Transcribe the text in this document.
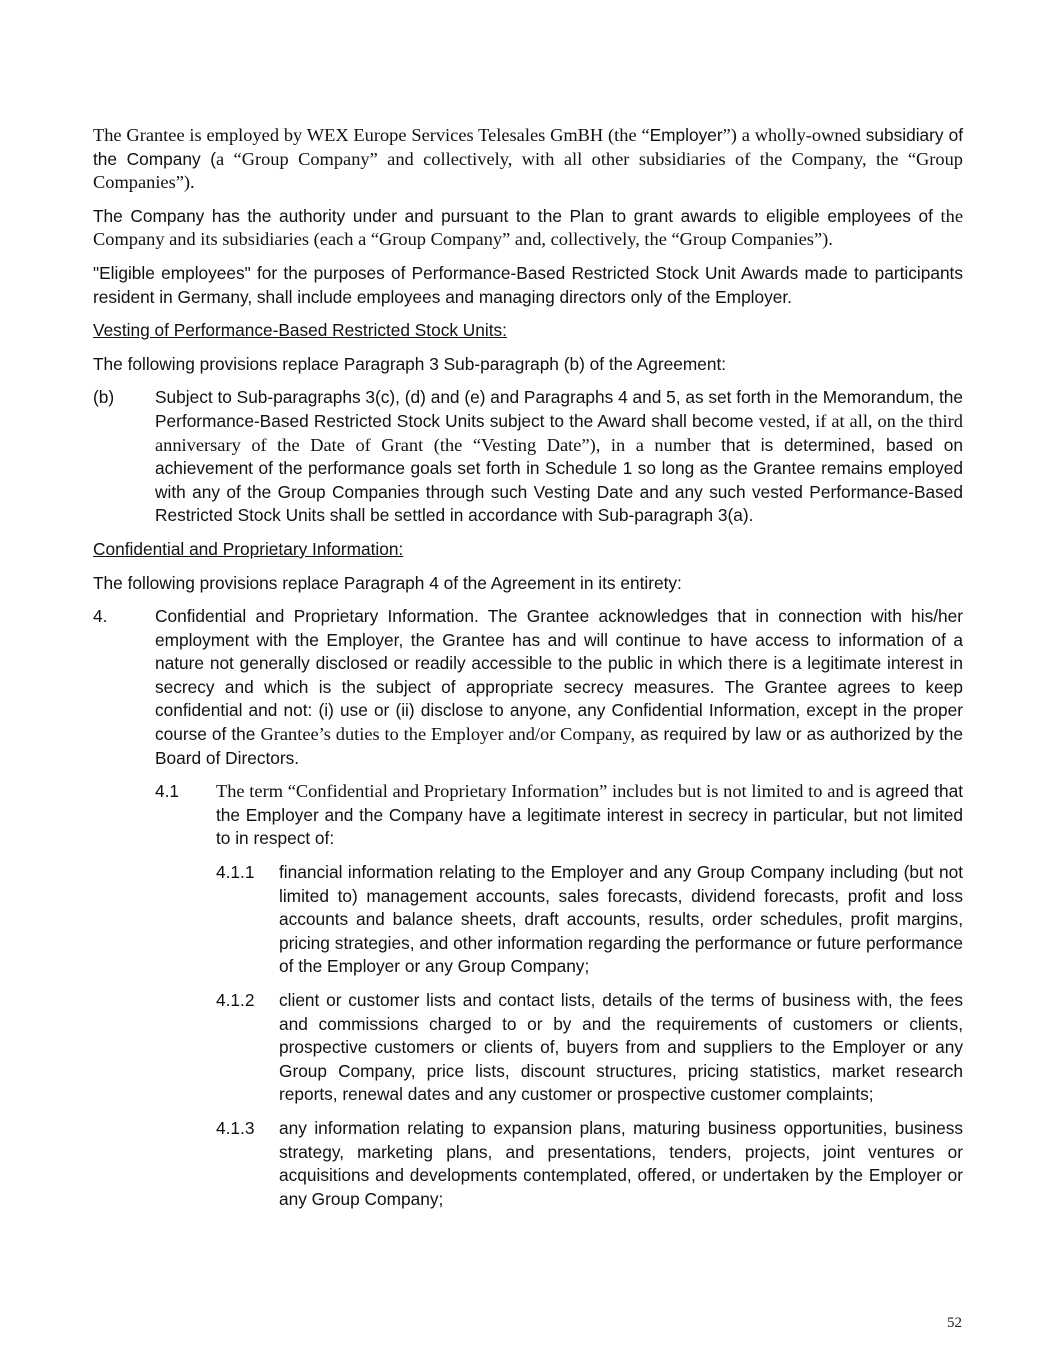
The Grantee is employed by WEX Europe Services Telesales GmBH (the “Employer”) a wholly-owned subsidiary of the Company (a “Group Company” and collectively, with all other subsidiaries of the Company, the “Group Companies”).

The Company has the authority under and pursuant to the Plan to grant awards to eligible employees of the Company and its subsidiaries (each a “Group Company” and, collectively, the “Group Companies”).

"Eligible employees" for the purposes of Performance-Based Restricted Stock Unit Awards made to participants resident in Germany, shall include employees and managing directors only of the Employer.

Vesting of Performance-Based Restricted Stock Units:

The following provisions replace Paragraph 3 Sub-paragraph (b) of the Agreement:

(b) Subject to Sub-paragraphs 3(c), (d) and (e) and Paragraphs 4 and 5, as set forth in the Memorandum, the Performance-Based Restricted Stock Units subject to the Award shall become vested, if at all, on the third anniversary of the Date of Grant (the “Vesting Date”), in a number that is determined, based on achievement of the performance goals set forth in Schedule 1 so long as the Grantee remains employed with any of the Group Companies through such Vesting Date and any such vested Performance-Based Restricted Stock Units shall be settled in accordance with Sub-paragraph 3(a).

Confidential and Proprietary Information:

The following provisions replace Paragraph 4 of the Agreement in its entirety:

4.	Confidential and Proprietary Information. The Grantee acknowledges that in connection with his/her employment with the Employer, the Grantee has and will continue to have access to information of a nature not generally disclosed or readily accessible to the public in which there is a legitimate interest in secrecy and which is the subject of appropriate secrecy measures. The Grantee agrees to keep confidential and not: (i) use or (ii) disclose to anyone, any Confidential Information, except in the proper course of the Grantee’s duties to the Employer and/or Company, as required by law or as authorized by the Board of Directors.
4.1 The term “Confidential and Proprietary Information” includes but is not limited to and is agreed that the Employer and the Company have a legitimate interest in secrecy in particular, but not limited to in respect of:
4.1.1 financial information relating to the Employer and any Group Company including (but not limited to) management accounts, sales forecasts, dividend forecasts, profit and loss accounts and balance sheets, draft accounts, results, order schedules, profit margins, pricing strategies, and other information regarding the performance or future performance of the Employer or any Group Company;
4.1.2 client or customer lists and contact lists, details of the terms of business with, the fees and commissions charged to or by and the requirements of customers or clients, prospective customers or clients of, buyers from and suppliers to the Employer or any Group Company, price lists, discount structures, pricing statistics, market research reports, renewal dates and any customer or prospective customer complaints;
4.1.3 any information relating to expansion plans, maturing business opportunities, business strategy, marketing plans, and presentations, tenders, projects, joint ventures or acquisitions and developments contemplated, offered, or undertaken by the Employer or any Group Company;
52
